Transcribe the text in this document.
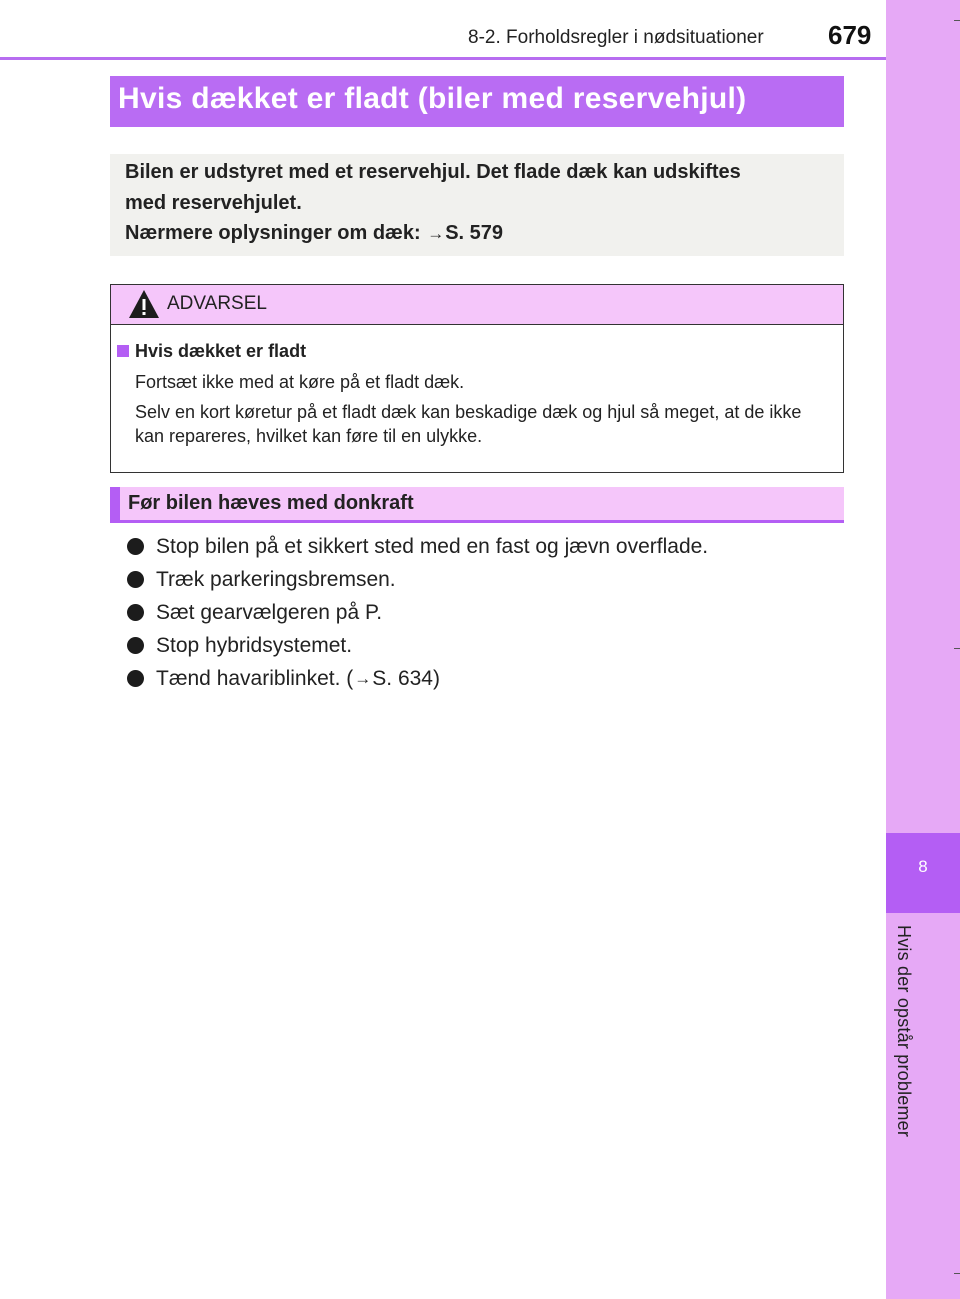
8-2. Forholdsregler i nødsituationer 679
8
Hvis der opstår problemer
Hvis dækket er fladt (biler med reservehjul)
Bilen er udstyret med et reservehjul. Det flade dæk kan udskiftes
med reservehjulet.
Nærmere oplysninger om dæk: →S. 579
ADVARSEL
Hvis dækket er fladt
Fortsæt ikke med at køre på et fladt dæk.
Selv en kort køretur på et fladt dæk kan beskadige dæk og hjul så meget, at de ikke kan repareres, hvilket kan føre til en ulykke.
Før bilen hæves med donkraft
Stop bilen på et sikkert sted med en fast og jævn overflade.
Træk parkeringsbremsen.
Sæt gearvælgeren på P.
Stop hybridsystemet.
Tænd havariblinket. ( → S. 634)
